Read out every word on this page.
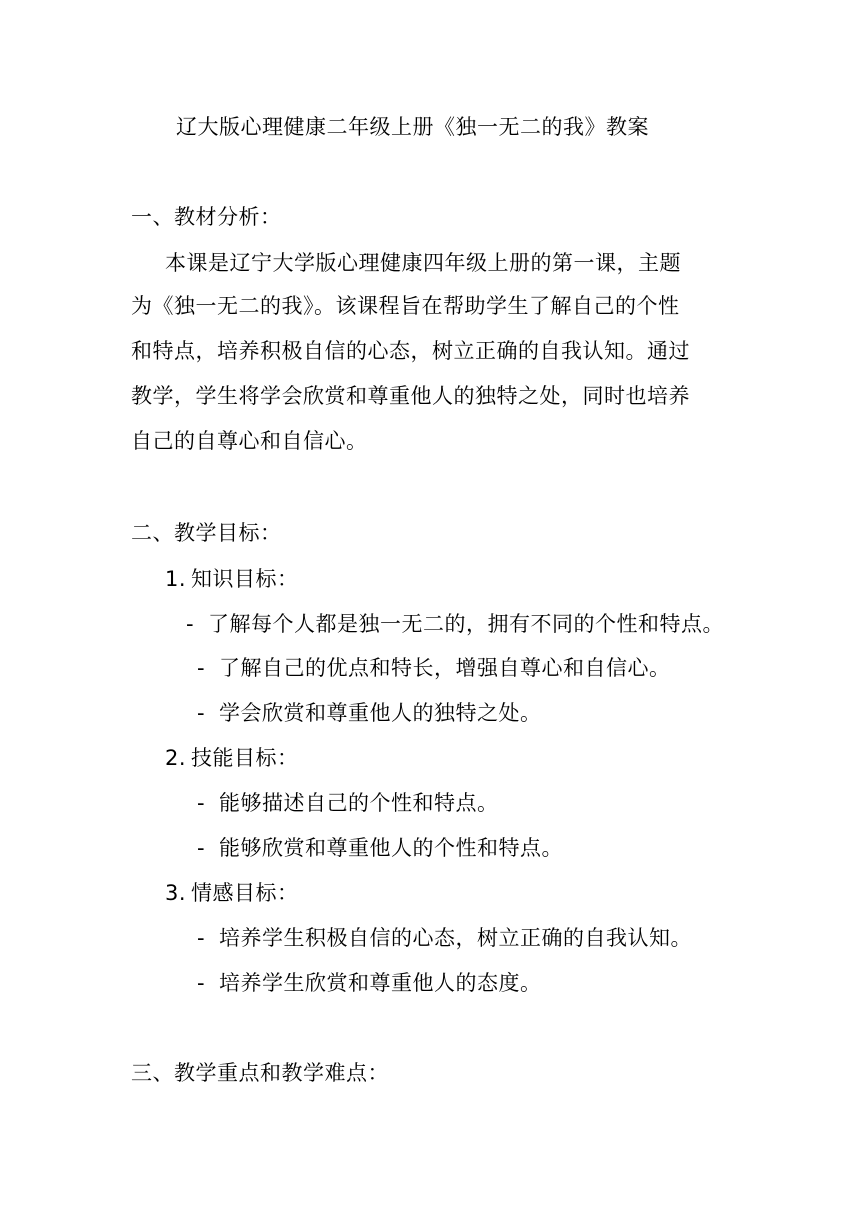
辽大版心理健康二年级上册《独一无二的我》教案
一、教材分析：
本课是辽宁大学版心理健康四年级上册的第一课，主题
为《独一无二的我》。该课程旨在帮助学生了解自己的个性
和特点，培养积极自信的心态，树立正确的自我认知。通过
教学，学生将学会欣赏和尊重他人的独特之处，同时也培养
自己的自尊心和自信心。
二、教学目标：
1. 知识目标：
- 了解每个人都是独一无二的，拥有不同的个性和特点。
- 了解自己的优点和特长，增强自尊心和自信心。
- 学会欣赏和尊重他人的独特之处。
2. 技能目标：
- 能够描述自己的个性和特点。
- 能够欣赏和尊重他人的个性和特点。
3. 情感目标：
- 培养学生积极自信的心态，树立正确的自我认知。
- 培养学生欣赏和尊重他人的态度。
三、教学重点和教学难点：
